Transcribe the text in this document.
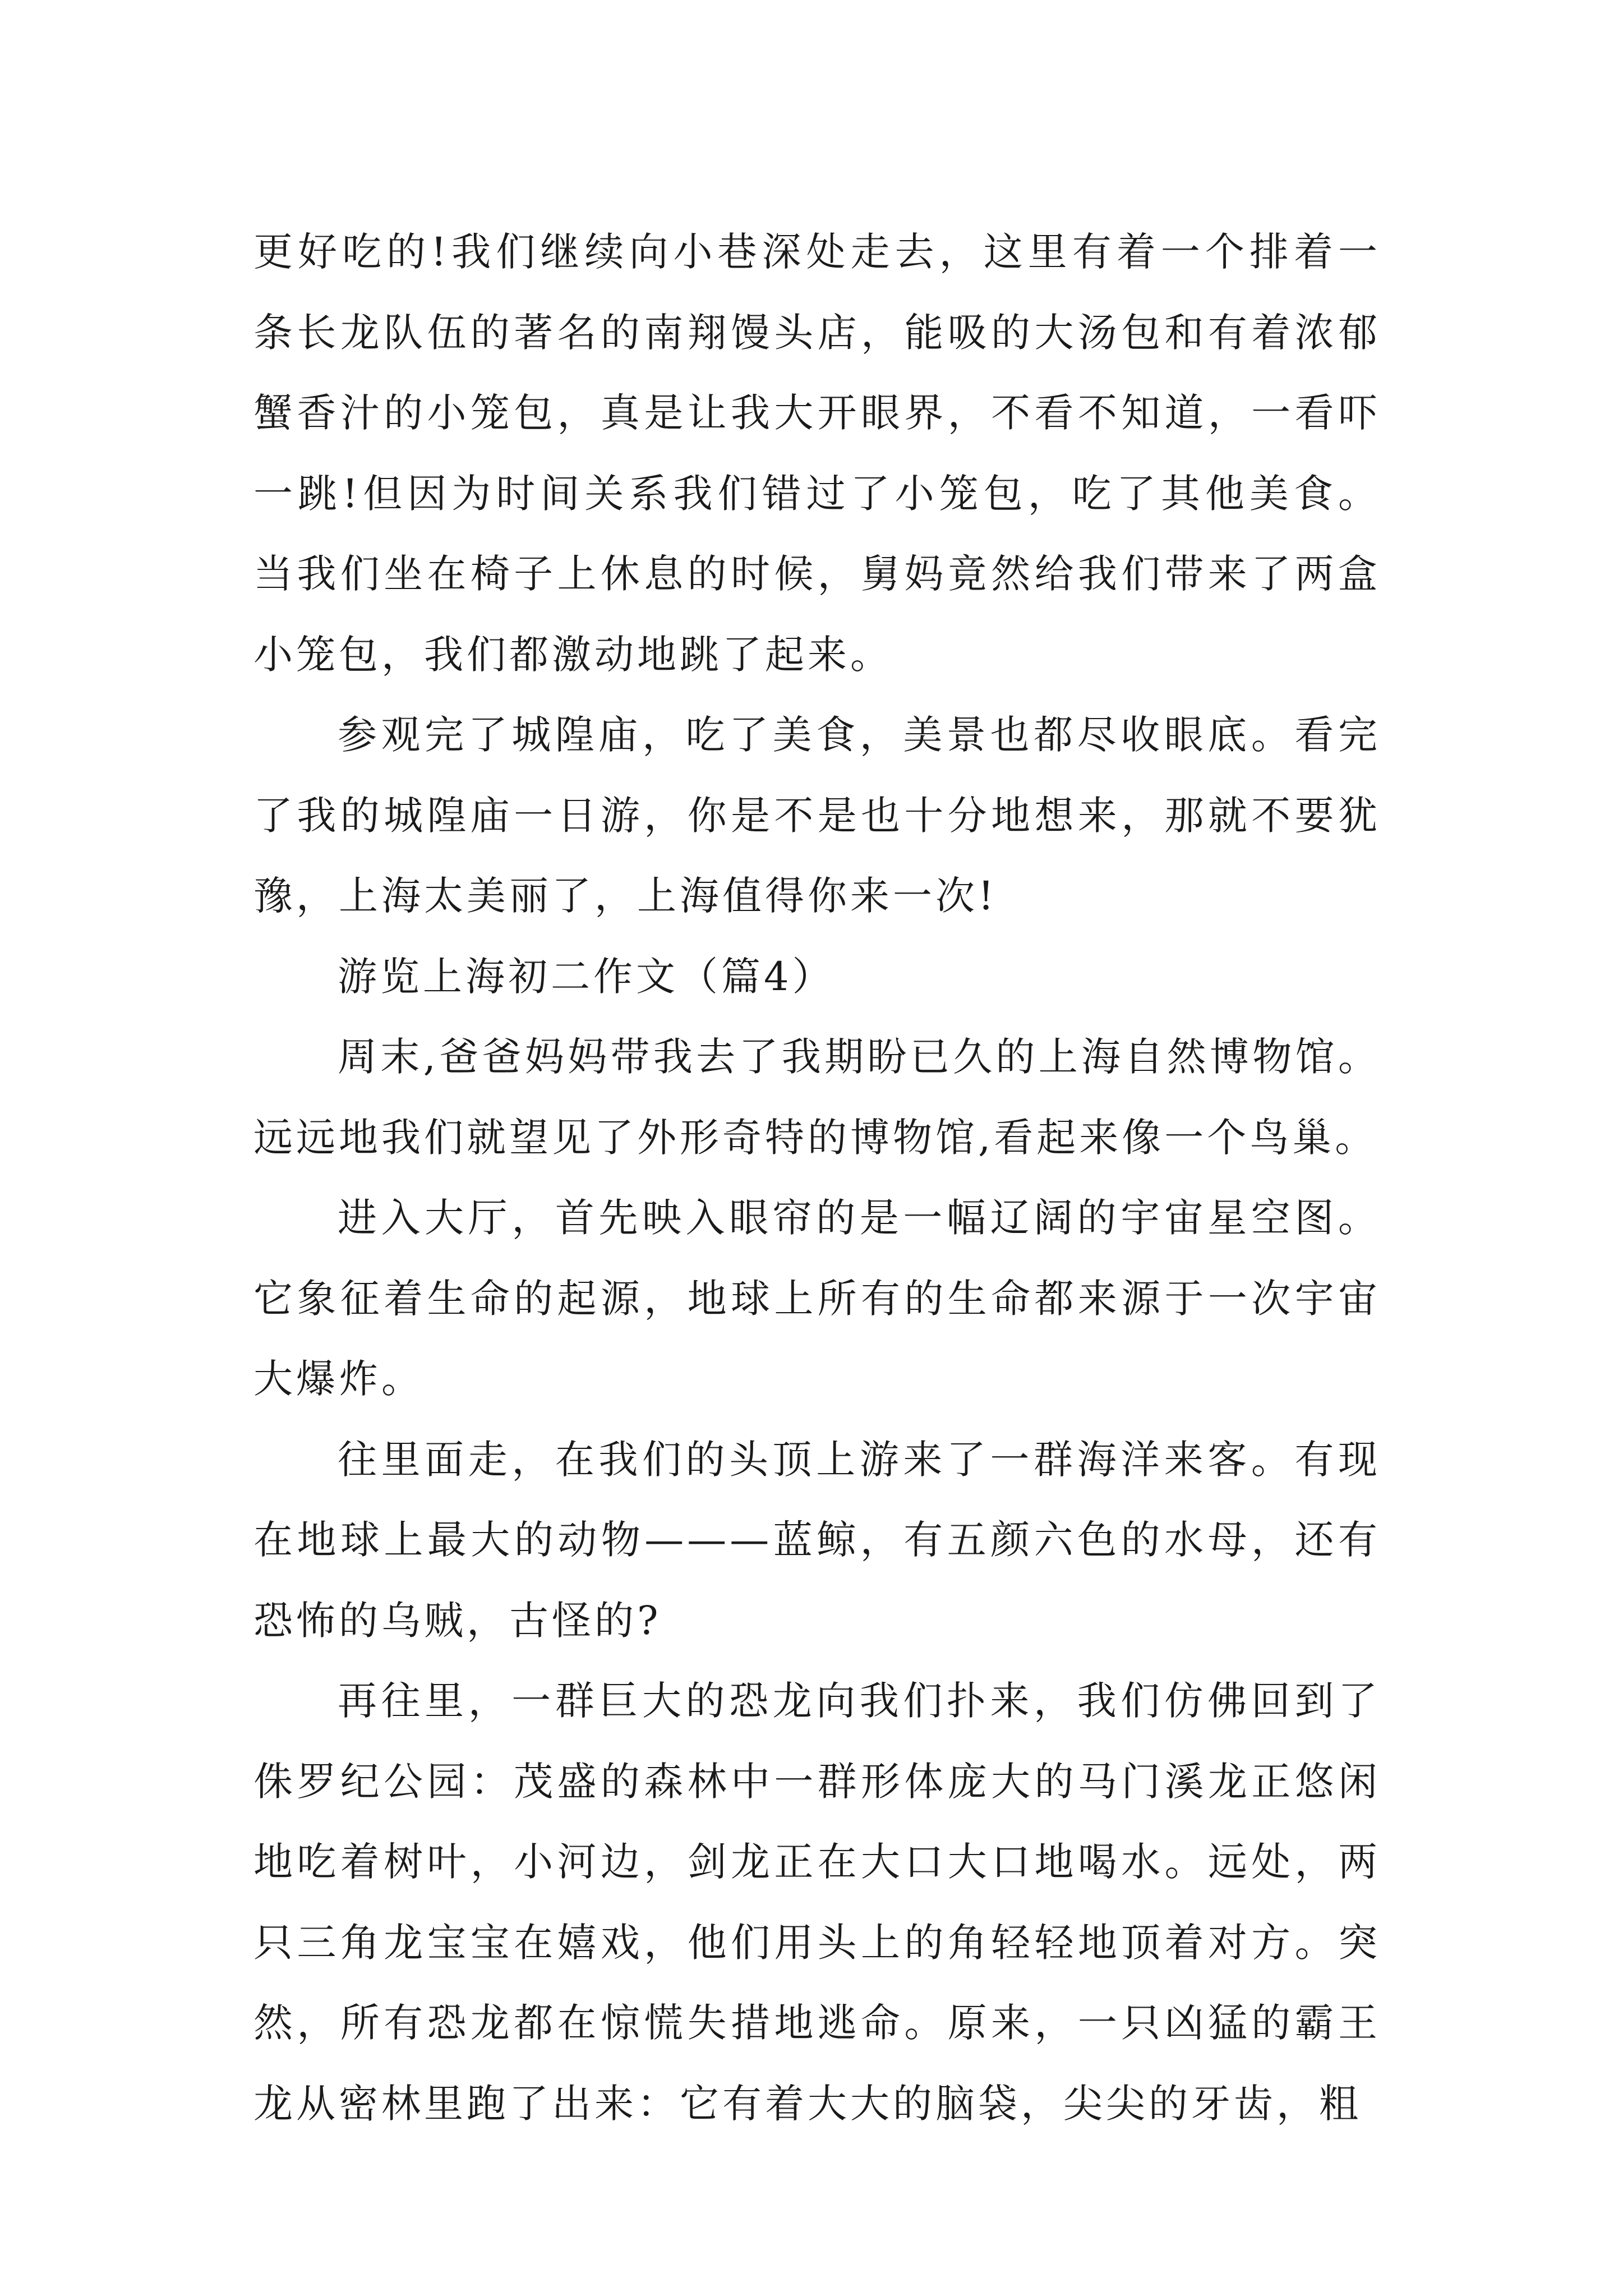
更好吃的!我们继续向小巷深处走去，这里有着一个排着一条长龙队伍的著名的南翔馒头店，能吸的大汤包和有着浓郁蟹香汁的小笼包，真是让我大开眼界，不看不知道，一看吓一跳!但因为时间关系我们错过了小笼包，吃了其他美食。当我们坐在椅子上休息的时候，舅妈竟然给我们带来了两盒小笼包，我们都激动地跳了起来。

参观完了城隍庙，吃了美食，美景也都尽收眼底。看完了我的城隍庙一日游，你是不是也十分地想来，那就不要犹豫，上海太美丽了，上海值得你来一次!

游览上海初二作文（篇4）

周末,爸爸妈妈带我去了我期盼已久的上海自然博物馆。远远地我们就望见了外形奇特的博物馆,看起来像一个鸟巢。

进入大厅，首先映入眼帘的是一幅辽阔的宇宙星空图。它象征着生命的起源，地球上所有的生命都来源于一次宇宙大爆炸。

往里面走，在我们的头顶上游来了一群海洋来客。有现在地球上最大的动物———蓝鲸，有五颜六色的水母，还有恐怖的乌贼，古怪的?

再往里，一群巨大的恐龙向我们扑来，我们仿佛回到了侏罗纪公园：茂盛的森林中一群形体庞大的马门溪龙正悠闲地吃着树叶，小河边，剑龙正在大口大口地喝水。远处，两只三角龙宝宝在嬉戏，他们用头上的角轻轻地顶着对方。突然，所有恐龙都在惊慌失措地逃命。原来，一只凶猛的霸王龙从密林里跑了出来：它有着大大的脑袋，尖尖的牙齿，粗
